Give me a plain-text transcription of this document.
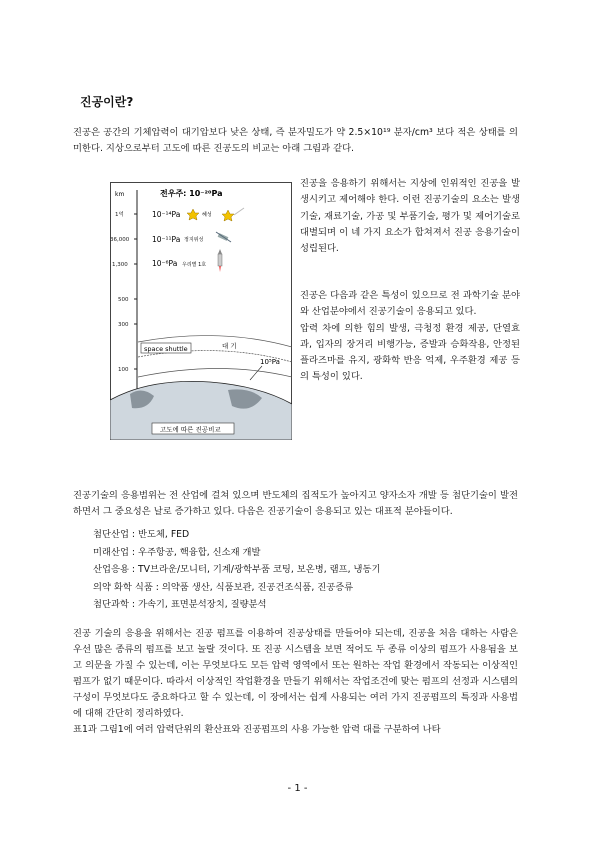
진공이란?
진공은 공간의 기체압력이 대기압보다 낮은 상태, 즉 분자밀도가 약 2.5×10¹⁹ 분자/cm³ 보다 적은 상태를 의미한다. 지상으로부터 고도에 따른 진공도의 비교는 아래 그림과 같다.
km
1억
36,000
1,300
500
300
100
전우주: 10⁻²⁰Pa
10⁻¹⁴Pa	혜성
10⁻¹¹Pa 정지위성
10⁻⁶Pa 우리별 1호
space shuttle	대 기
10⁵Pa
고도에 따른 진공비교
진공을 응용하기 위해서는 지상에 인위적인 진공을 발생시키고 제어해야 한다. 이런 진공기술의 요소는 발생기술, 재료기술, 가공 및 부품기술, 평가 및 제어기술로 대별되며 이 네 가지 요소가 합쳐져서 진공 응용기술이 성립된다.
진공은 다음과 같은 특성이 있으므로 전 과학기술 분야와 산업분야에서 진공기술이 응용되고 있다.
압력 차에 의한 힘의 발생, 극청정 환경 제공, 단열효과, 입자의 장거리 비행가능, 증발과 승화작용, 안정된 플라즈마를 유지, 광화학 반응 억제, 우주환경 제공 등의 특성이 있다.
진공기술의 응용범위는 전 산업에 걸쳐 있으며 반도체의 집적도가 높아지고 양자소자 개발 등 첨단기술이 발전하면서 그 중요성은 날로 증가하고 있다. 다음은 진공기술이 응용되고 있는 대표적 분야들이다.
첨단산업 : 반도체, FED
미래산업 : 우주항공, 핵융합, 신소재 개발
산업응용 : TV브라운/모니터, 기계/광학부품 코팅, 보온병, 램프, 냉동기
의약 화학 식품 : 의약품 생산, 식품보관, 진공건조식품, 진공증류
첨단과학 : 가속기, 표면분석장치, 질량분석
진공 기술의 응용을 위해서는 진공 펌프를 이용하여 진공상태를 만들어야 되는데, 진공을 처음 대하는 사람은 우선 많은 종류의 펌프를 보고 놀랄 것이다. 또 진공 시스템을 보면 적어도 두 종류 이상의 펌프가 사용됨을 보고 의문을 가질 수 있는데, 이는 무엇보다도 모든 압력 영역에서 또는 원하는 작업 환경에서 작동되는 이상적인 펌프가 없기 때문이다. 따라서 이상적인 작업환경을 만들기 위해서는 작업조건에 맞는 펌프의 선정과 시스템의 구성이 무엇보다도 중요하다고 할 수 있는데, 이 장에서는 쉽게 사용되는 여러 가지 진공펌프의 특징과 사용법에 대해 간단히 정리하였다.
표1과 그림1에 여러 압력단위의 환산표와 진공펌프의 사용 가능한 압력 대를 구분하여 나타
- 1 -
